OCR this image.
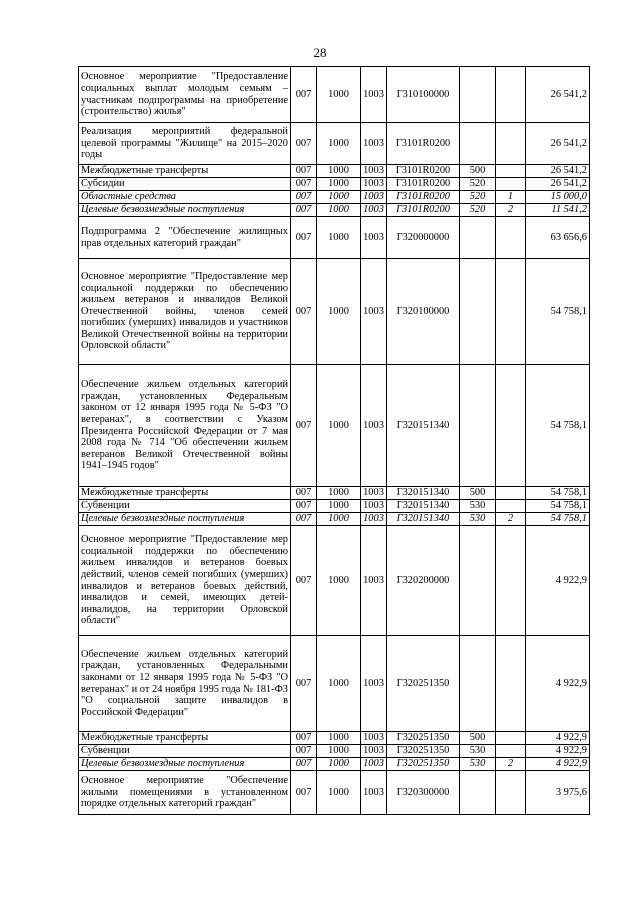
28
Основное мероприятие "Предоставление социальных выплат молодым семьям – участникам подпрограммы на приобретение (строительство) жилья"	007	1000	1003	Г310100000			26 541,2
Реализация мероприятий федеральной целевой программы "Жилище" на 2015–2020 годы	007	1000	1003	Г3101R0200			26 541,2
Межбюджетные трансферты	007	1000	1003	Г3101R0200	500		26 541,2
Субсидии	007	1000	1003	Г3101R0200	520		26 541,2
Областные средства	007	1000	1003	Г3101R0200	520	1	15 000,0
Целевые безвозмездные поступления	007	1000	1003	Г3101R0200	520	2	11 541,2
Подпрограмма 2 "Обеспечение жилищных прав отдельных категорий граждан"	007	1000	1003	Г320000000			63 656,6
Основное мероприятие "Предоставление мер социальной поддержки по обеспечению жильем ветеранов и инвалидов Великой Отечественной войны, членов семей погибших (умерших) инвалидов и участников Великой Отечественной войны на территории Орловской области"	007	1000	1003	Г320100000			54 758,1
Обеспечение жильем отдельных категорий граждан, установленных Федеральным законом от 12 января 1995 года № 5-ФЗ "О ветеранах", в соответствии с Указом Президента Российской Федерации от 7 мая 2008 года № 714 "Об обеспечении жильем ветеранов Великой Отечественной войны 1941–1945 годов"	007	1000	1003	Г320151340			54 758,1
Межбюджетные трансферты	007	1000	1003	Г320151340	500		54 758,1
Субвенции	007	1000	1003	Г320151340	530		54 758,1
Целевые безвозмездные поступления	007	1000	1003	Г320151340	530	2	54 758,1
Основное мероприятие "Предоставление мер социальной поддержки по обеспечению жильем инвалидов и ветеранов боевых действий, членов семей погибших (умерших) инвалидов и ветеранов боевых действий, инвалидов и семей, имеющих детей-инвалидов, на территории Орловской области"	007	1000	1003	Г320200000			4 922,9
Обеспечение жильем отдельных категорий граждан, установленных Федеральными законами от 12 января 1995 года № 5-ФЗ "О ветеранах" и от 24 ноября 1995 года № 181-ФЗ "О социальной защите инвалидов в Российской Федерации"	007	1000	1003	Г320251350			4 922,9
Межбюджетные трансферты	007	1000	1003	Г320251350	500		4 922,9
Субвенции	007	1000	1003	Г320251350	530		4 922,9
Целевые безвозмездные поступления	007	1000	1003	Г320251350	530	2	4 922,9
Основное мероприятие "Обеспечение жилыми помещениями в установленном порядке отдельных категорий граждан"	007	1000	1003	Г320300000			3 975,6
